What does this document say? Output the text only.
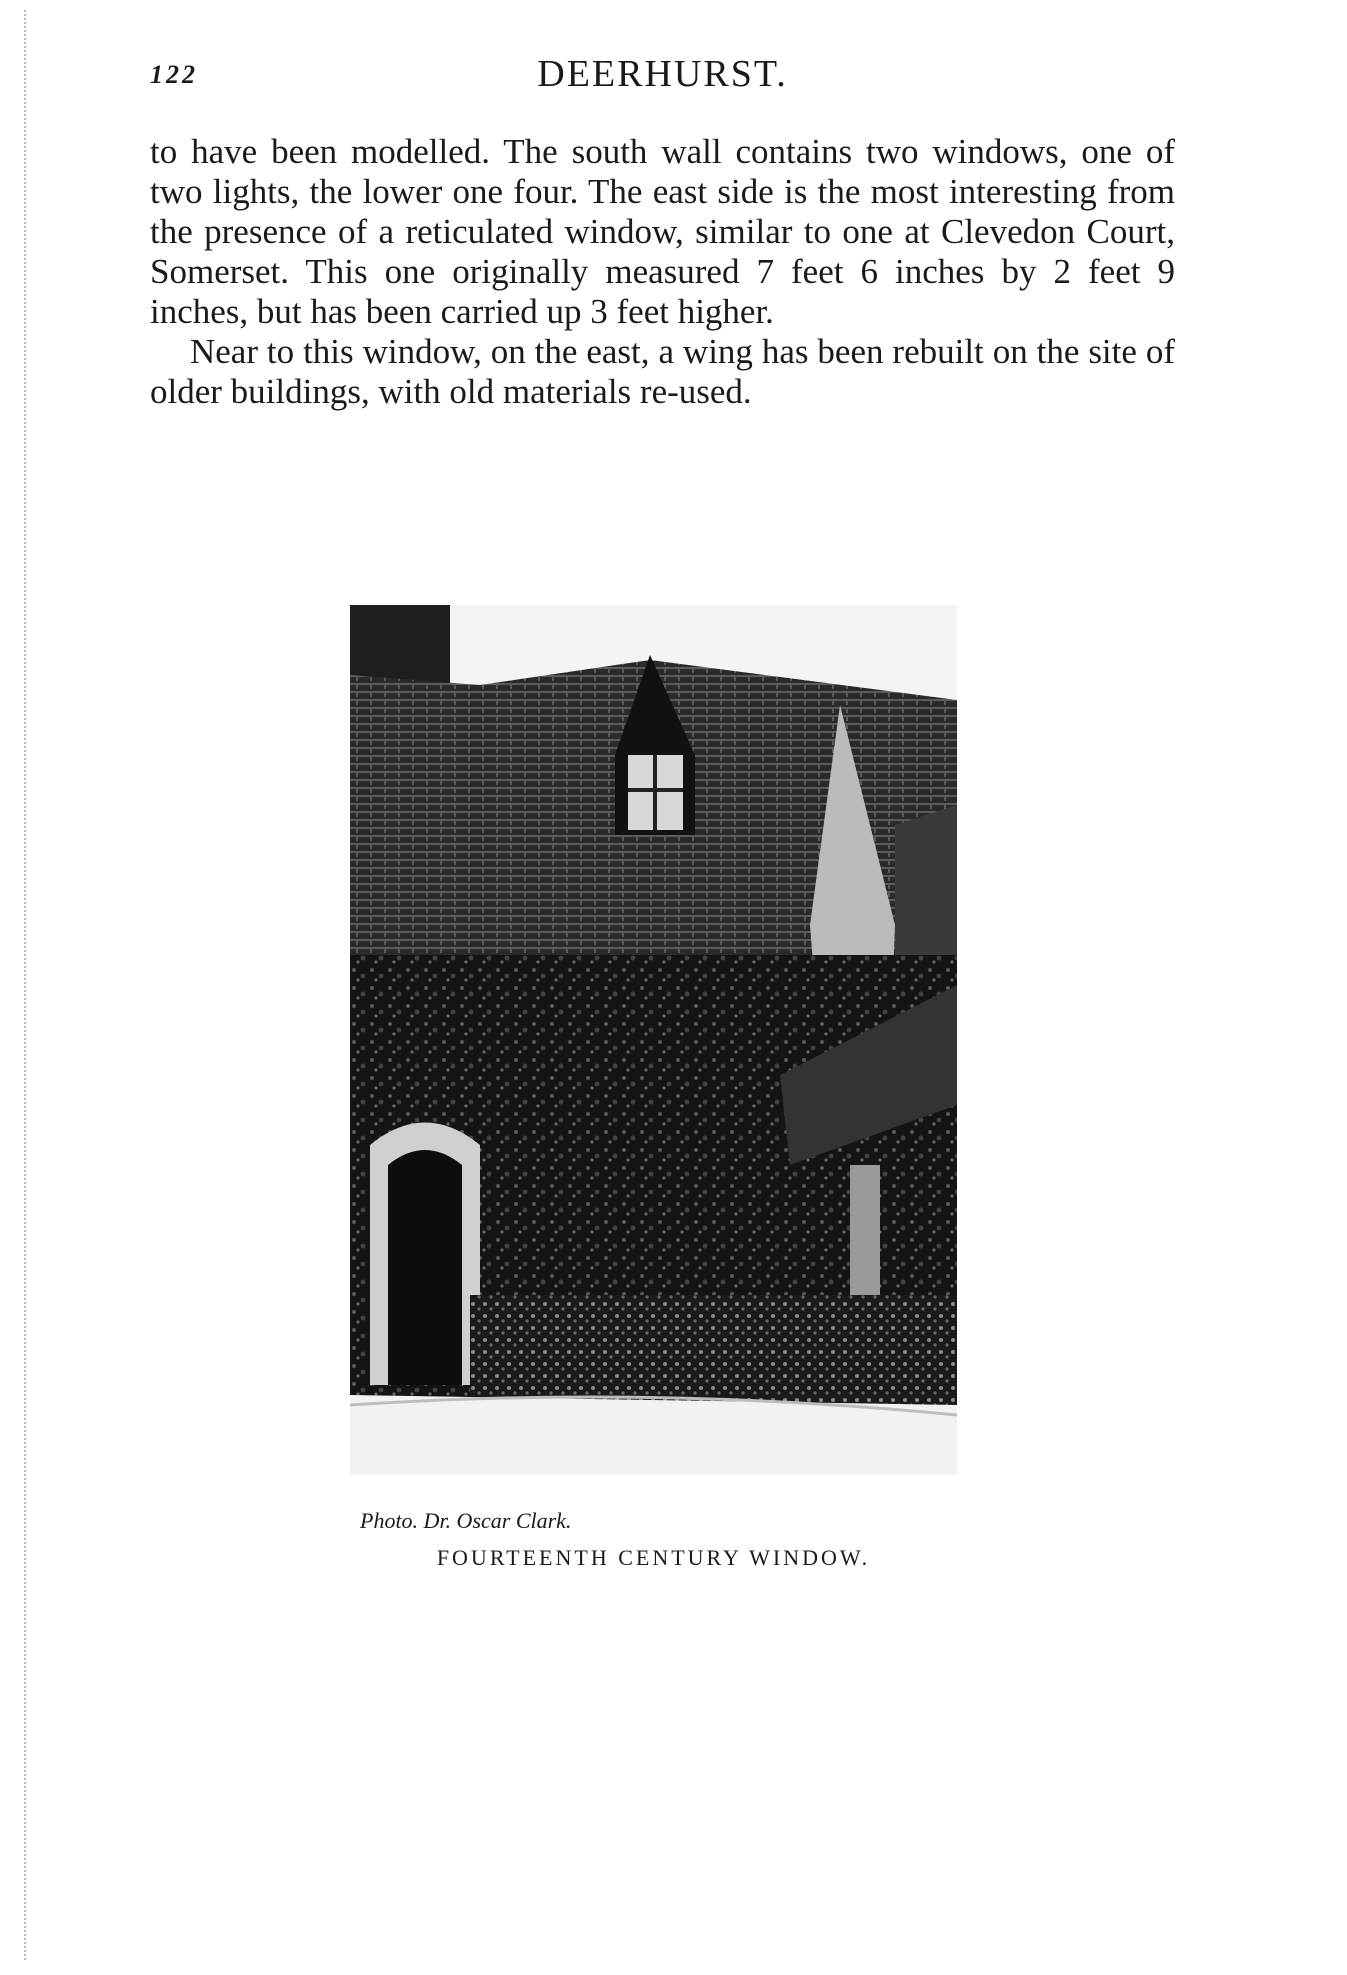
122	DEERHURST.

to have been modelled. The south wall contains two windows, one of two lights, the lower one four. The east side is the most interesting from the presence of a reticulated window, similar to one at Clevedon Court, Somerset. This one originally measured 7 feet 6 inches by 2 feet 9 inches, but has been carried up 3 feet higher.

Near to this window, on the east, a wing has been rebuilt on the site of older buildings, with old materials re-used.

Photo. Dr. Oscar Clark.
FOURTEENTH CENTURY WINDOW.
